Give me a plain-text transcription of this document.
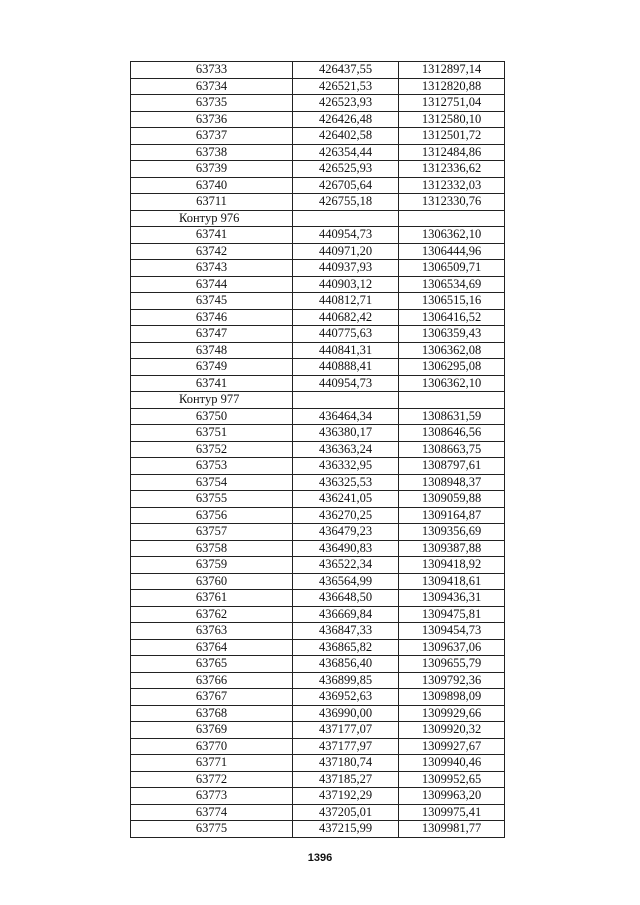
63733	426437,55	1312897,14
63734	426521,53	1312820,88
63735	426523,93	1312751,04
63736	426426,48	1312580,10
63737	426402,58	1312501,72
63738	426354,44	1312484,86
63739	426525,93	1312336,62
63740	426705,64	1312332,03
63711	426755,18	1312330,76
Контур 976		
63741	440954,73	1306362,10
63742	440971,20	1306444,96
63743	440937,93	1306509,71
63744	440903,12	1306534,69
63745	440812,71	1306515,16
63746	440682,42	1306416,52
63747	440775,63	1306359,43
63748	440841,31	1306362,08
63749	440888,41	1306295,08
63741	440954,73	1306362,10
Контур 977		
63750	436464,34	1308631,59
63751	436380,17	1308646,56
63752	436363,24	1308663,75
63753	436332,95	1308797,61
63754	436325,53	1308948,37
63755	436241,05	1309059,88
63756	436270,25	1309164,87
63757	436479,23	1309356,69
63758	436490,83	1309387,88
63759	436522,34	1309418,92
63760	436564,99	1309418,61
63761	436648,50	1309436,31
63762	436669,84	1309475,81
63763	436847,33	1309454,73
63764	436865,82	1309637,06
63765	436856,40	1309655,79
63766	436899,85	1309792,36
63767	436952,63	1309898,09
63768	436990,00	1309929,66
63769	437177,07	1309920,32
63770	437177,97	1309927,67
63771	437180,74	1309940,46
63772	437185,27	1309952,65
63773	437192,29	1309963,20
63774	437205,01	1309975,41
63775	437215,99	1309981,77
1396
